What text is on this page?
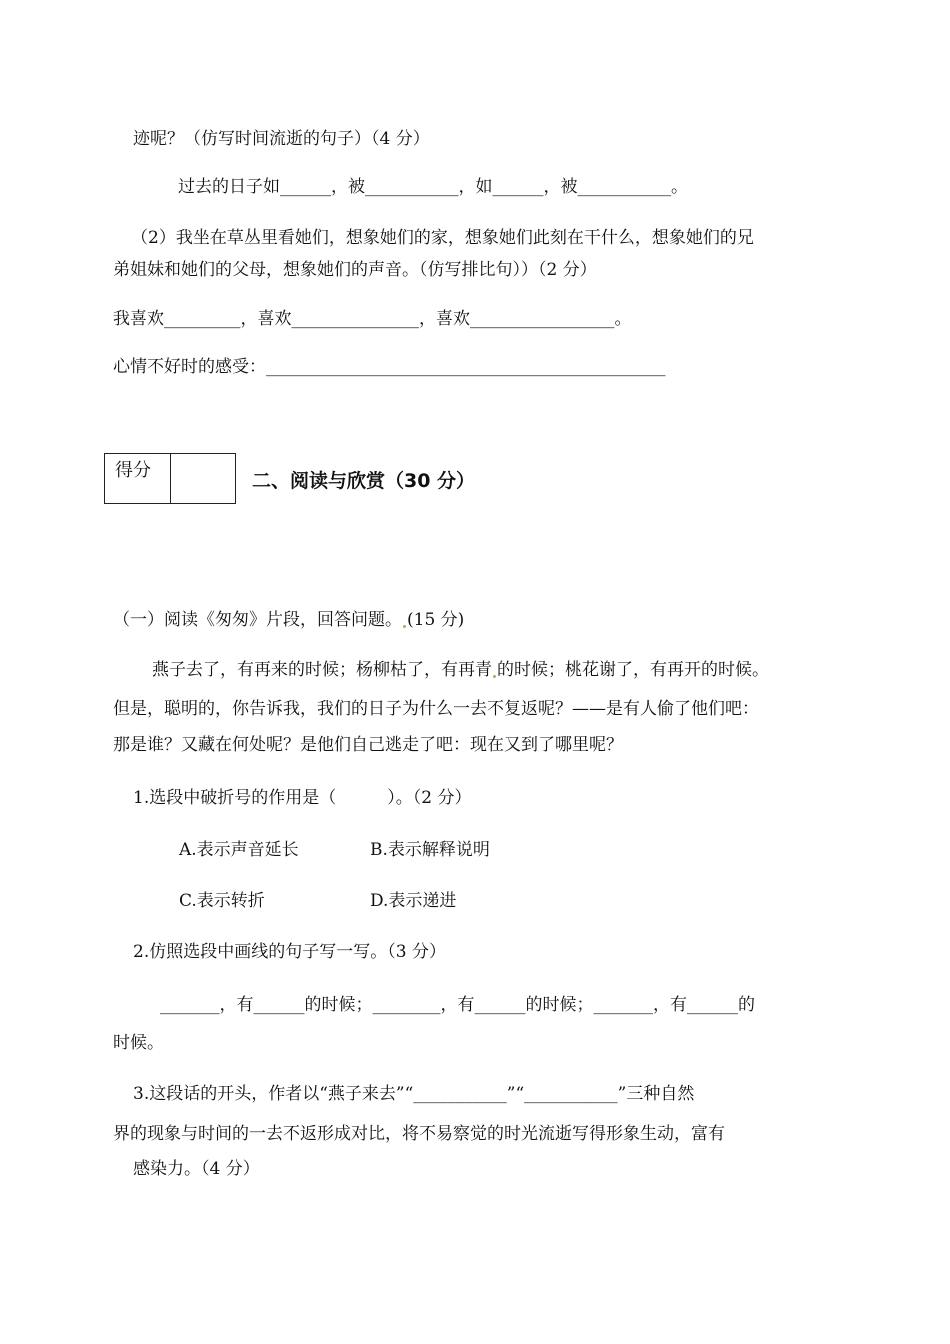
迹呢？（仿写时间流逝的句子）（4 分）
过去的日子如______，被___________，如______，被___________。
（2）我坐在草丛里看她们，想象她们的家，想象她们此刻在干什么，想象她们的兄
弟姐妹和她们的父母，想象她们的声音。（仿写排比句））（2 分）
我喜欢_________，喜欢_______________，喜欢_________________。
心情不好时的感受：_______________________________________________
得分	二、阅读与欣赏（30 分）
（一）阅读《匆匆》片段，回答问题。 (15 分)
燕子去了，有再来的时候；杨柳枯了，有再青 的时候；桃花谢了，有再开的时候。
但是，聪明的，你告诉我，我们的日子为什么一去不复返呢？——是有人偷了他们吧：
那是谁？又藏在何处呢？是他们自己逃走了吧：现在又到了哪里呢？
1.选段中破折号的作用是（　　　）。（2 分）
A.表示声音延长	B.表示解释说明
C.表示转折	D.表示递进
2.仿照选段中画线的句子写一写。（3 分）
_______，有______的时候；________，有______的时候；_______，有______的
时候。
3.这段话的开头，作者以“燕子来去”“___________”“___________”三种自然
界的现象与时间的一去不返形成对比，将不易察觉的时光流逝写得形象生动，富有
感染力。（4 分）
